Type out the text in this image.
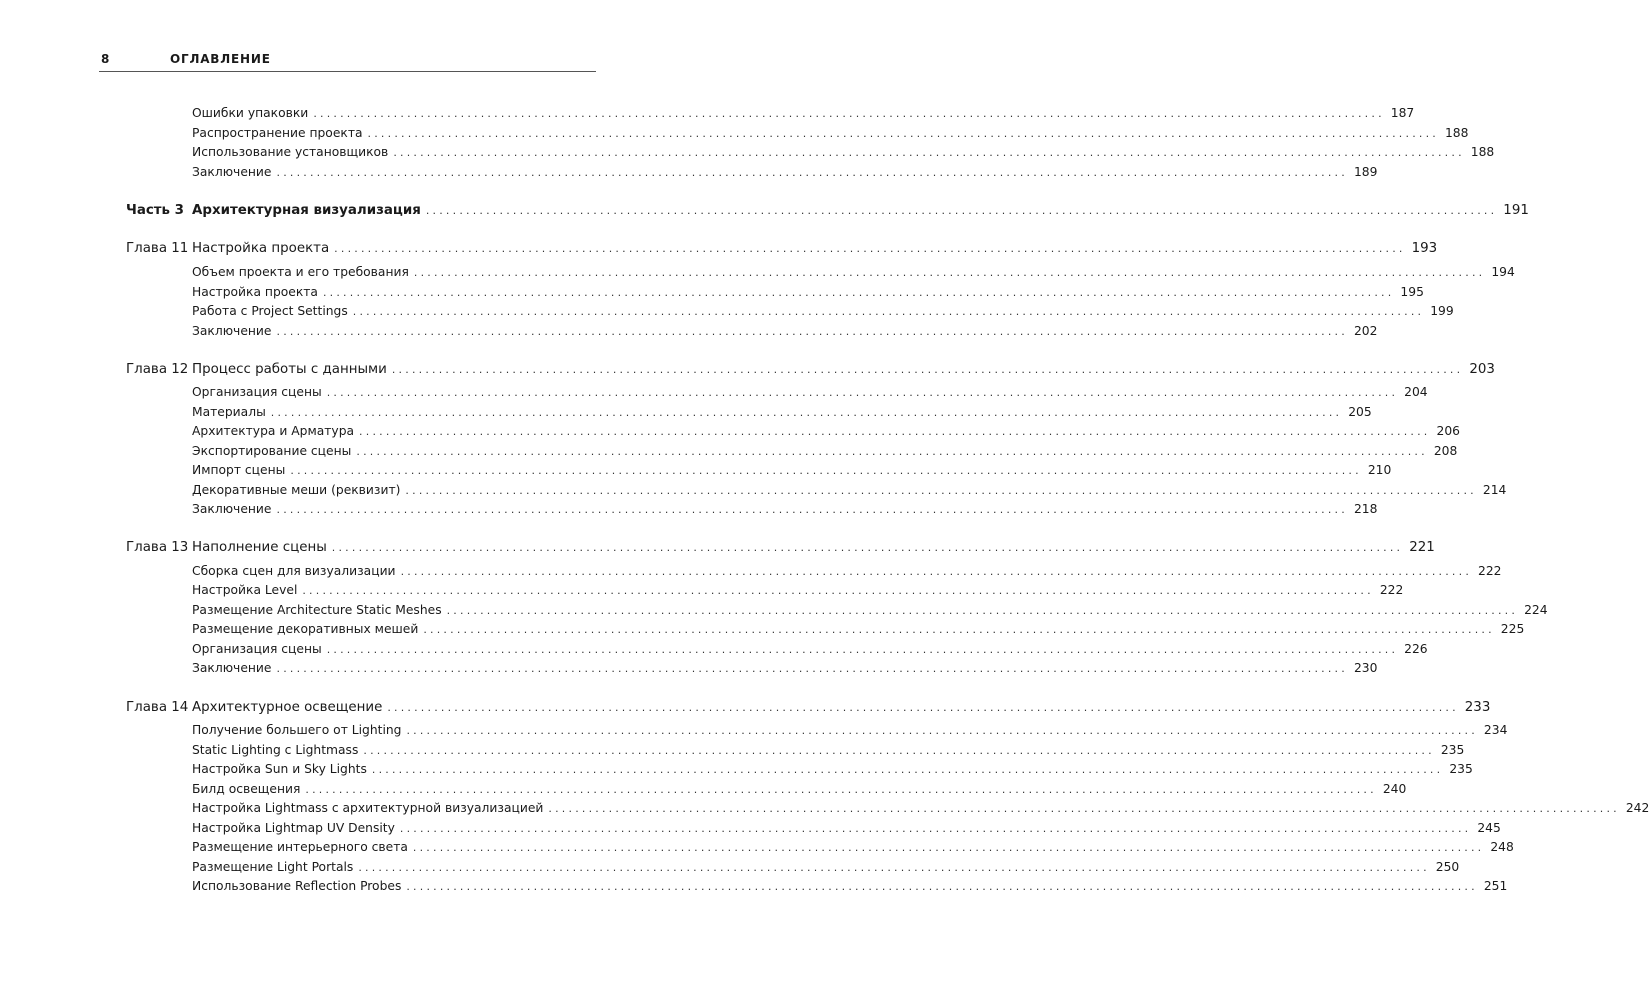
8	ОГЛАВЛЕНИЕ
Ошибки упаковки ................................................................................................................................................................ 187
Распространение проекта ................................................................................................................................................................ 188
Использование установщиков ................................................................................................................................................................ 188
Заключение ................................................................................................................................................................ 189
Часть 3 Архитектурная визуализация ................................................................................................................................................................ 191
Глава 11 Настройка проекта ................................................................................................................................................................ 193
Объем проекта и его требования ................................................................................................................................................................ 194
Настройка проекта ................................................................................................................................................................ 195
Работа с Project Settings ................................................................................................................................................................ 199
Заключение ................................................................................................................................................................ 202
Глава 12 Процесс работы с данными ................................................................................................................................................................ 203
Организация сцены ................................................................................................................................................................ 204
Материалы ................................................................................................................................................................ 205
Архитектура и Арматура ................................................................................................................................................................ 206
Экспортирование сцены ................................................................................................................................................................ 208
Импорт сцены ................................................................................................................................................................ 210
Декоративные меши (реквизит) ................................................................................................................................................................ 214
Заключение ................................................................................................................................................................ 218
Глава 13 Наполнение сцены ................................................................................................................................................................ 221
Сборка сцен для визуализации ................................................................................................................................................................ 222
Настройка Level ................................................................................................................................................................ 222
Размещение Architecture Static Meshes ................................................................................................................................................................ 224
Размещение декоративных мешей ................................................................................................................................................................ 225
Организация сцены ................................................................................................................................................................ 226
Заключение ................................................................................................................................................................ 230
Глава 14 Архитектурное освещение ................................................................................................................................................................ 233
Получение большего от Lighting ................................................................................................................................................................ 234
Static Lighting с Lightmass ................................................................................................................................................................ 235
Настройка Sun и Sky Lights ................................................................................................................................................................ 235
Билд освещения ................................................................................................................................................................ 240
Настройка Lightmass с архитектурной визуализацией ................................................................................................................................................................ 242
Настройка Lightmap UV Density ................................................................................................................................................................ 245
Размещение интерьерного света ................................................................................................................................................................ 248
Размещение Light Portals ................................................................................................................................................................ 250
Использование Reflection Probes ................................................................................................................................................................ 251
